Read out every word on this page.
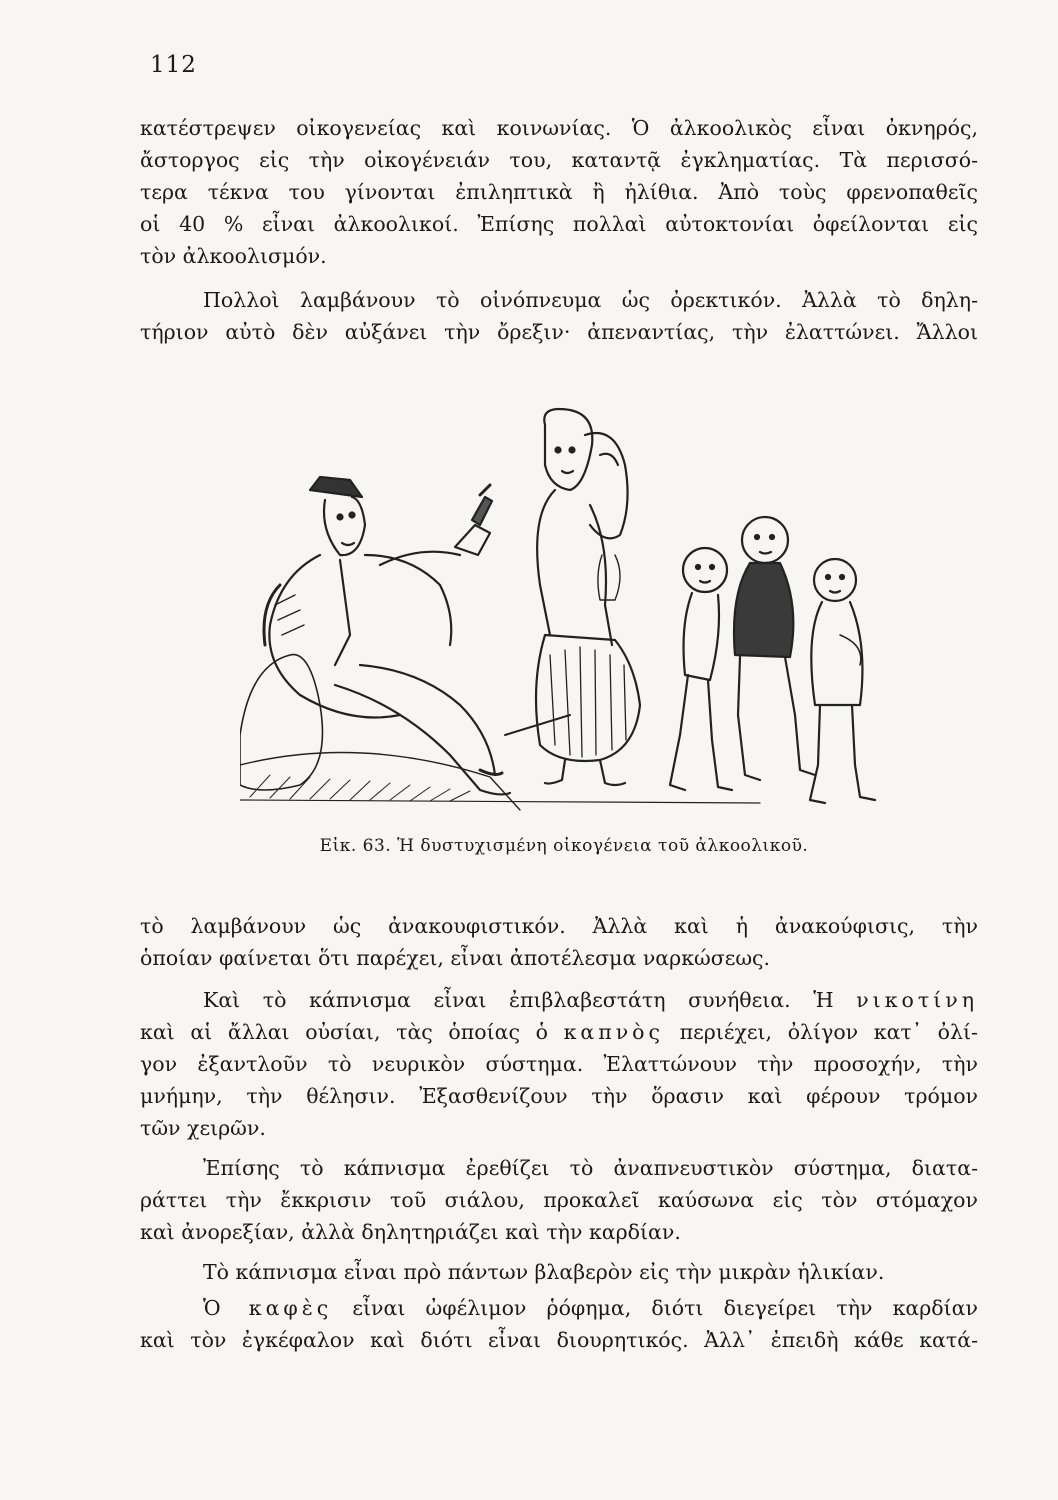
112
κατέστρεψεν οἰκογενείας καὶ κοινωνίας. Ὁ ἀλκοολικὸς εἶναι ὀκνηρός,
ἄστοργος εἰς τὴν οἰκογένειάν του, καταντᾷ ἐγκληματίας. Τὰ περισσό-
τερα τέκνα του γίνονται ἐπιληπτικὰ ἢ ἠλίθια. Ἀπὸ τοὺς φρενοπαθεῖς
οἱ 40 % εἶναι ἀλκοολικοί. Ἐπίσης πολλαὶ αὐτοκτονίαι ὀφείλονται εἰς
τὸν ἀλκοολισμόν.
Πολλοὶ λαμβάνουν τὸ οἰνόπνευμα ὡς ὀρεκτικόν. Ἀλλὰ τὸ δηλη-
τήριον αὐτὸ δὲν αὐξάνει τὴν ὄρεξιν· ἀπεναντίας, τὴν ἐλαττώνει. Ἄλλοι
Εἰκ. 63. Ἡ δυστυχισμένη οἰκογένεια τοῦ ἀλκοολικοῦ.
τὸ λαμβάνουν ὡς ἀνακουφιστικόν. Ἀλλὰ καὶ ἡ ἀνακούφισις, τὴν
ὁποίαν φαίνεται ὅτι παρέχει, εἶναι ἀποτέλεσμα ναρκώσεως.
Καὶ τὸ κάπνισμα εἶναι ἐπιβλαβεστάτη συνήθεια. Ἡ νικοτίνη
καὶ αἱ ἄλλαι οὐσίαι, τὰς ὁποίας ὁ καπνὸς περιέχει, ὀλίγον κατ᾽ ὀλί-
γον ἐξαντλοῦν τὸ νευρικὸν σύστημα. Ἐλαττώνουν τὴν προσοχήν, τὴν
μνήμην, τὴν θέλησιν. Ἐξασθενίζουν τὴν ὅρασιν καὶ φέρουν τρόμον
τῶν χειρῶν.
Ἐπίσης τὸ κάπνισμα ἐρεθίζει τὸ ἀναπνευστικὸν σύστημα, διατα-
ράττει τὴν ἔκκρισιν τοῦ σιάλου, προκαλεῖ καύσωνα εἰς τὸν στόμαχον
καὶ ἀνορεξίαν, ἀλλὰ δηλητηριάζει καὶ τὴν καρδίαν.
Τὸ κάπνισμα εἶναι πρὸ πάντων βλαβερὸν εἰς τὴν μικρὰν ἡλικίαν.
Ὁ καφὲς εἶναι ὠφέλιμον ῥόφημα, διότι διεγείρει τὴν καρδίαν
καὶ τὸν ἐγκέφαλον καὶ διότι εἶναι διουρητικός. Ἀλλ᾽ ἐπειδὴ κάθε κατά-
